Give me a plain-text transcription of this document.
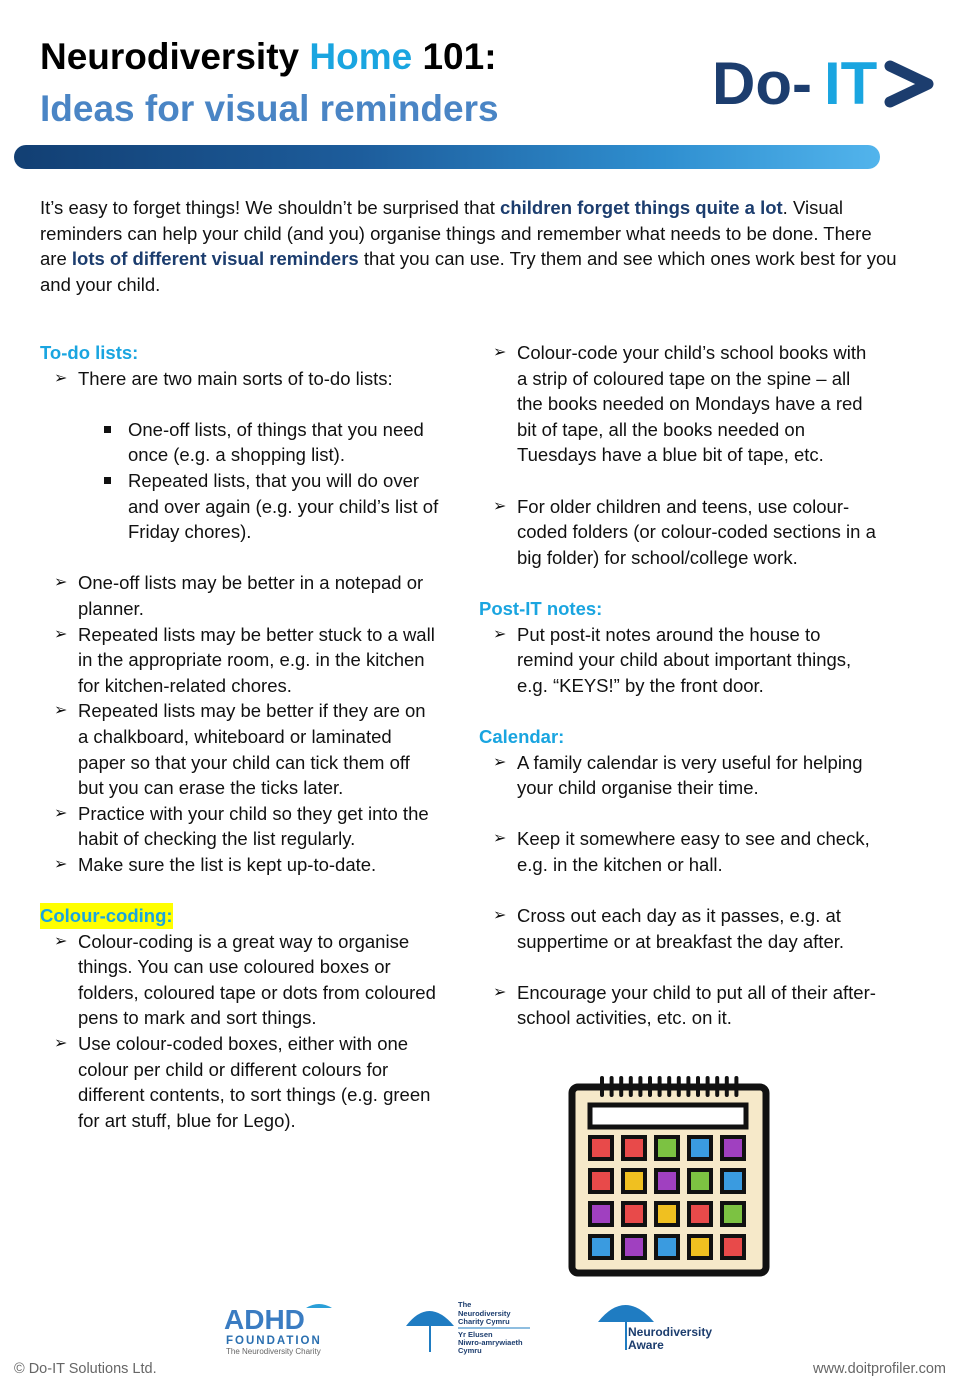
Neurodiversity Home 101:
Ideas for visual reminders	Do- IT
It’s easy to forget things! We shouldn’t be surprised that children forget things quite a lot. Visual reminders can help your child (and you) organise things and remember what needs to be done. There are lots of different visual reminders that you can use. Try them and see which ones work best for you and your child.
To-do lists:
➢ There are two main sorts of to-do lists:
One-off lists, of things that you need once (e.g. a shopping list).
Repeated lists, that you will do over and over again (e.g. your child’s list of Friday chores).
➢ One-off lists may be better in a notepad or planner.
➢ Repeated lists may be better stuck to a wall in the appropriate room, e.g. in the kitchen for kitchen-related chores.
➢ Repeated lists may be better if they are on a chalkboard, whiteboard or laminated paper so that your child can tick them off but you can erase the ticks later.
➢ Practice with your child so they get into the habit of checking the list regularly.
➢ Make sure the list is kept up-to-date.
Colour-coding:
➢ Colour-coding is a great way to organise things. You can use coloured boxes or folders, coloured tape or dots from coloured pens to mark and sort things.
➢ Use colour-coded boxes, either with one colour per child or different colours for different contents, to sort things (e.g. green for art stuff, blue for Lego).
➢ Colour-code your child’s school books with a strip of coloured tape on the spine – all the books needed on Mondays have a red bit of tape, all the books needed on Tuesdays have a blue bit of tape, etc.
➢ For older children and teens, use colour-coded folders (or colour-coded sections in a big folder) for school/college work.
Post-IT notes:
➢ Put post-it notes around the house to remind your child about important things, e.g. “KEYS!” by the front door.
Calendar:
➢ A family calendar is very useful for helping your child organise their time.
➢ Keep it somewhere easy to see and check, e.g. in the kitchen or hall.
➢ Cross out each day as it passes, e.g. at suppertime or at breakfast the day after.
➢ Encourage your child to put all of their after-school activities, etc. on it.
ADHD
FOUNDATION
The Neurodiversity Charity
The
Neurodiversity
Charity Cymru
Yr Elusen
Niwro-amrywiaeth
Cymru
Neurodiversity
Aware
© Do-IT Solutions Ltd.	www.doitprofiler.com
